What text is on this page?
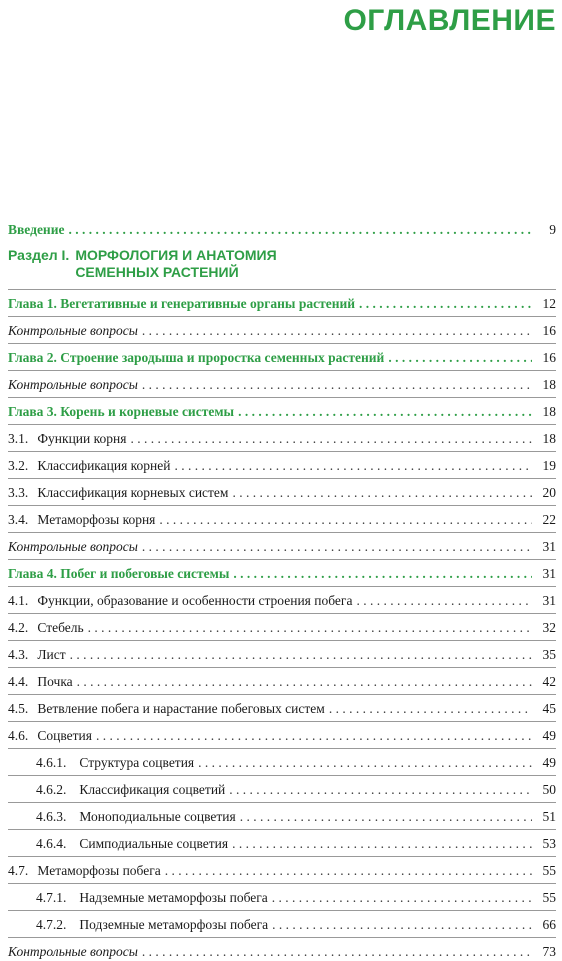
ОГЛАВЛЕНИЕ
Введение . . .	9
Раздел I. МОРФОЛОГИЯ И АНАТОМИЯ
СЕМЕННЫХ РАСТЕНИЙ
Глава 1. Вегетативные и генеративные органы растений . . .	12
Контрольные вопросы . . .	16
Глава 2. Строение зародыша и проростка семенных растений . . .	16
Контрольные вопросы . . .	18
Глава 3. Корень и корневые системы . . .	18
3.1. Функции корня . . .	18
3.2. Классификация корней . . .	19
3.3. Классификация корневых систем . . .	20
3.4. Метаморфозы корня . . .	22
Контрольные вопросы . . .	31
Глава 4. Побег и побеговые системы . . .	31
4.1. Функции, образование и особенности строения побега . . .	31
4.2. Стебель . . .	32
4.3. Лист . . .	35
4.4. Почка . . .	42
4.5. Ветвление побега и нарастание побеговых систем . . .	45
4.6. Соцветия . . .	49
4.6.1. Структура соцветия . . .	49
4.6.2. Классификация соцветий . . .	50
4.6.3. Моноподиальные соцветия . . .	51
4.6.4. Симподиальные соцветия . . .	53
4.7. Метаморфозы побега . . .	55
4.7.1. Надземные метаморфозы побега . . .	55
4.7.2. Подземные метаморфозы побега . . .	66
Контрольные вопросы . . .	73
